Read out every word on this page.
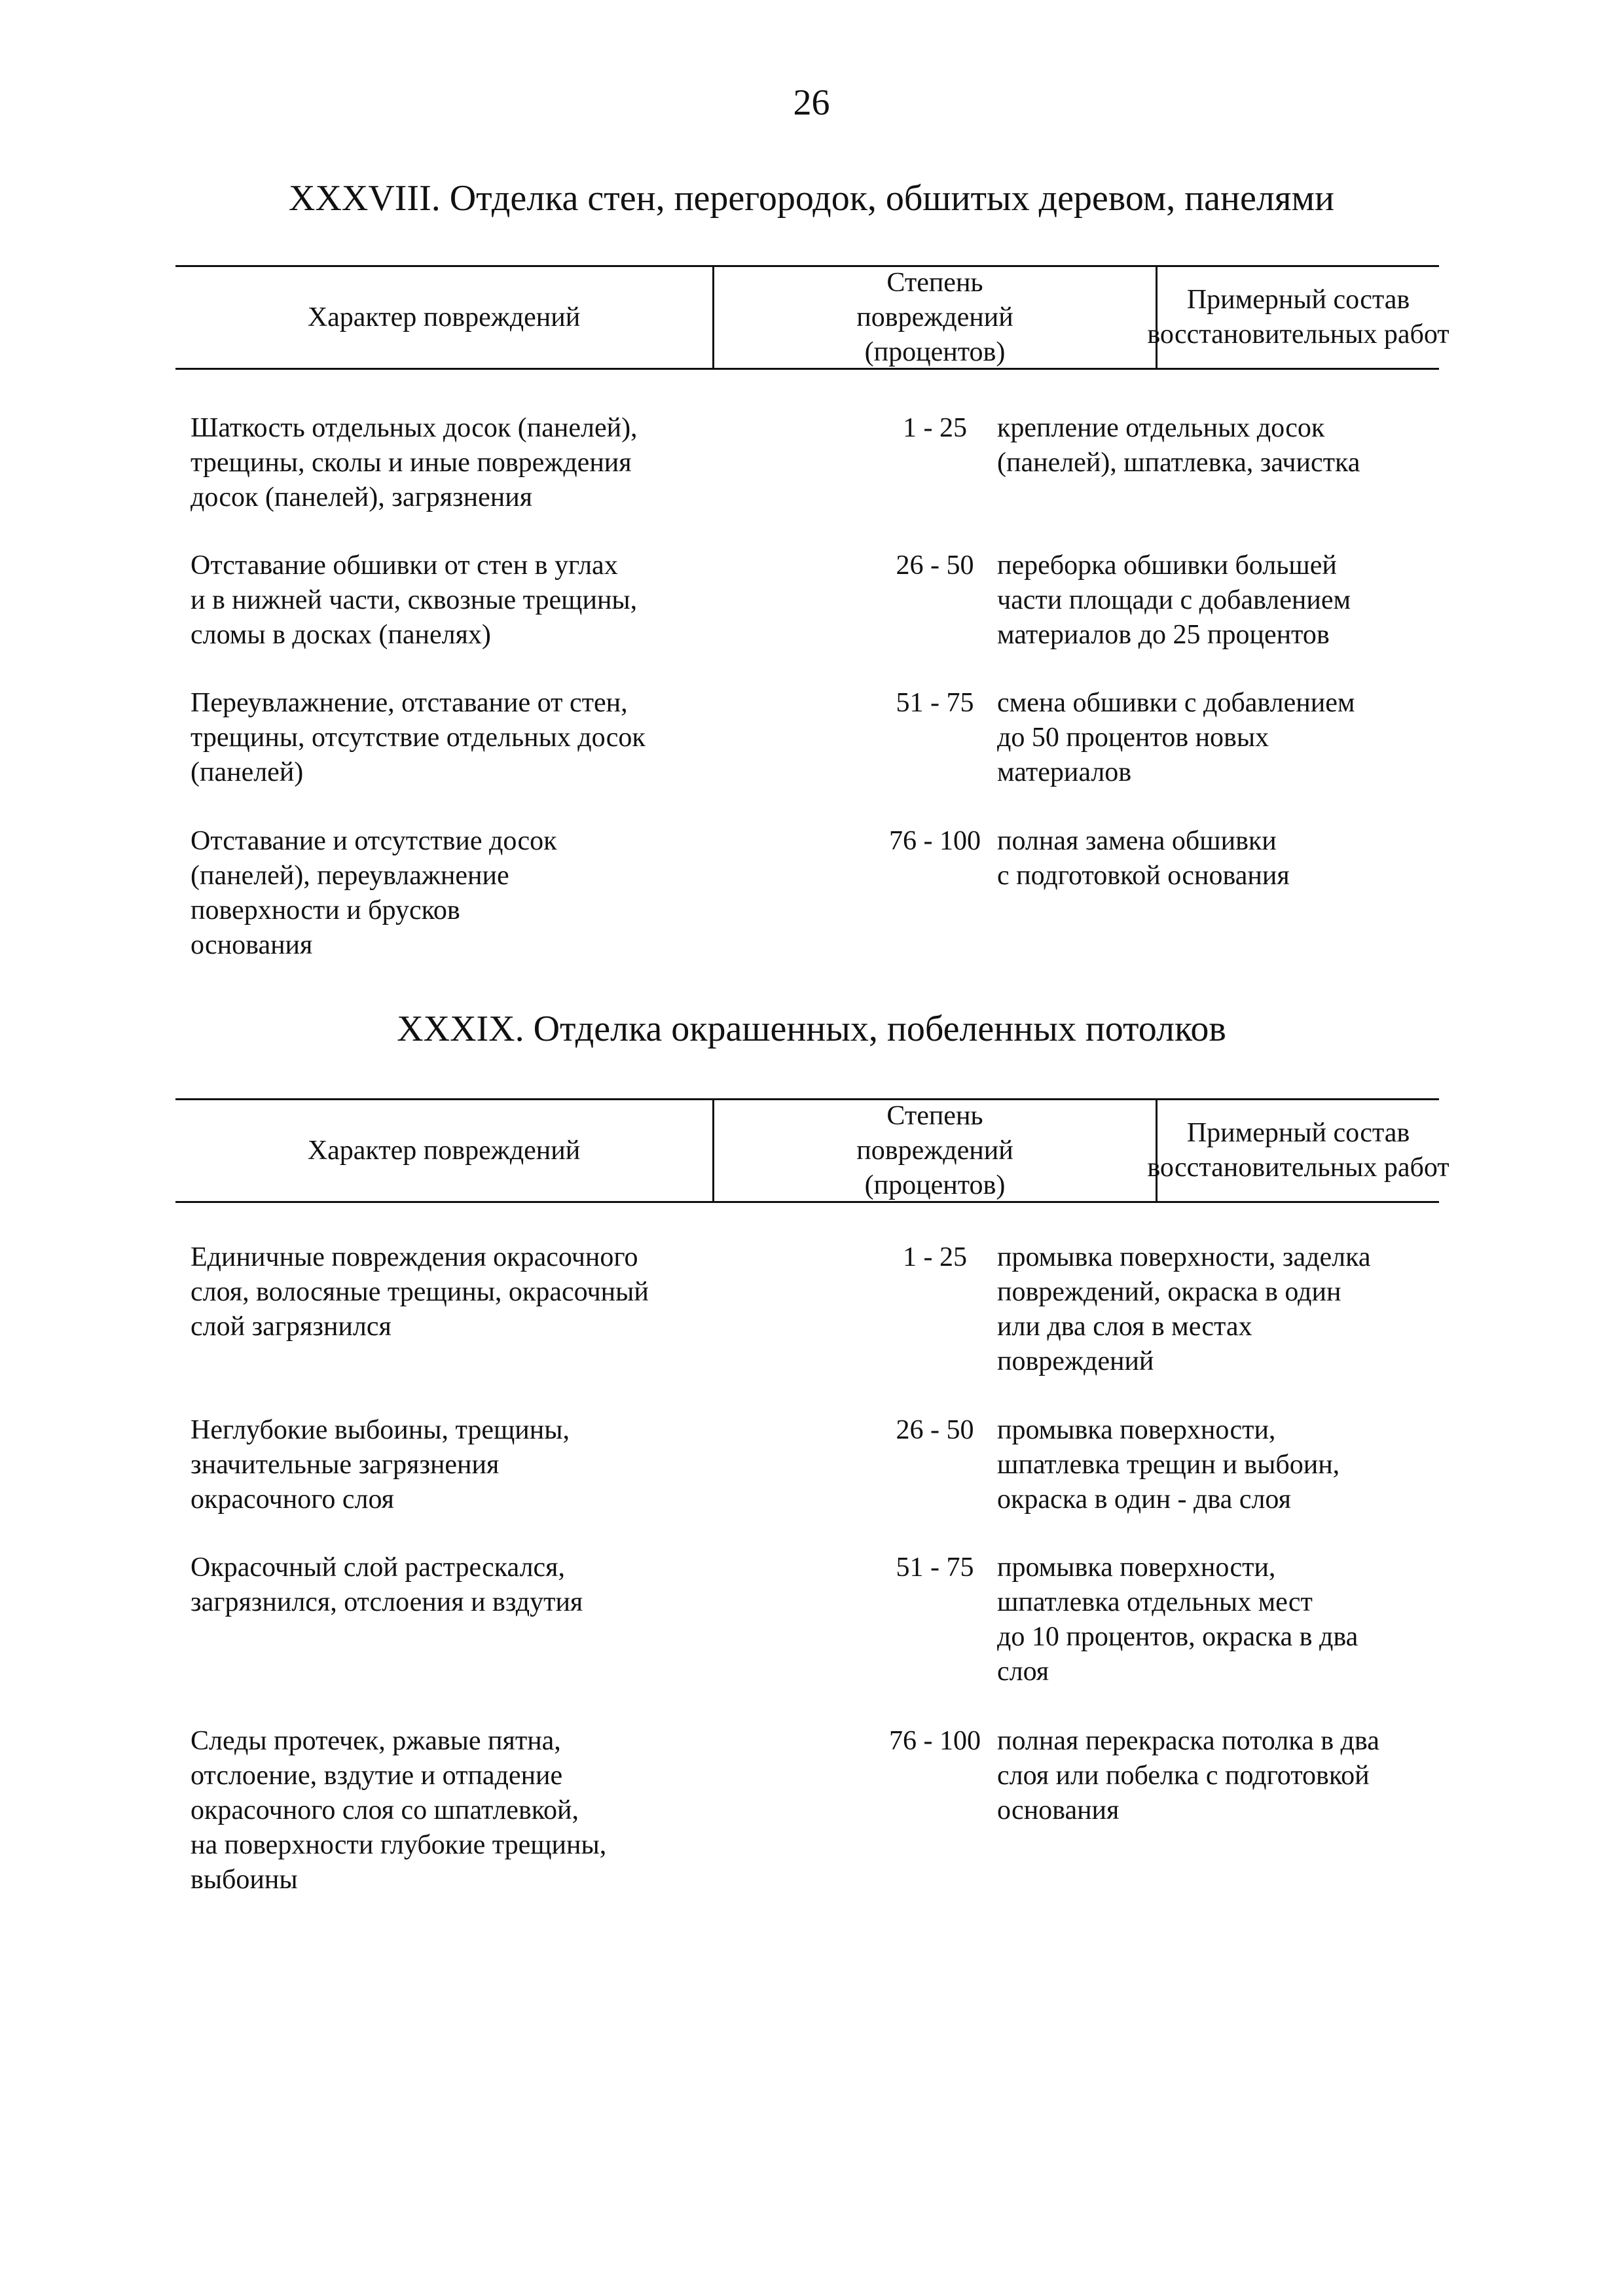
26
XXXVIII. Отделка стен, перегородок, обшитых деревом, панелями
Характер повреждений
Степень
повреждений
(процентов)
Примерный состав
восстановительных работ
Шаткость отдельных досок (панелей),
трещины, сколы и иные повреждения
досок (панелей), загрязнения
1 - 25	крепление отдельных досок
(панелей), шпатлевка, зачистка
Отставание обшивки от стен в углах
и в нижней части, сквозные трещины,
сломы в досках (панелях)
26 - 50 переборка обшивки большей
части площади с добавлением
материалов до 25 процентов
Переувлажнение, отставание от стен,
трещины, отсутствие отдельных досок
(панелей)
51 - 75 смена обшивки с добавлением
до 50 процентов новых
материалов
Отставание и отсутствие досок
(панелей), переувлажнение
поверхности и брусков
основания
76 - 100 полная замена обшивки
с подготовкой основания
XXXIX. Отделка окрашенных, побеленных потолков
Характер повреждений
Степень
повреждений
(процентов)
Примерный состав
восстановительных работ
Единичные повреждения окрасочного
слоя, волосяные трещины, окрасочный
слой загрязнился
1 - 25	промывка поверхности, заделка
повреждений, окраска в один
или два слоя в местах
повреждений
Неглубокие выбоины, трещины,
значительные загрязнения
окрасочного слоя
26 - 50 промывка поверхности,
шпатлевка трещин и выбоин,
окраска в один - два слоя
Окрасочный слой растрескался,
загрязнился, отслоения и вздутия
51 - 75 промывка поверхности,
шпатлевка отдельных мест
до 10 процентов, окраска в два
слоя
Следы протечек, ржавые пятна,
отслоение, вздутие и отпадение
окрасочного слоя со шпатлевкой,
на поверхности глубокие трещины,
выбоины
76 - 100 полная перекраска потолка в два
слоя или побелка с подготовкой
основания
